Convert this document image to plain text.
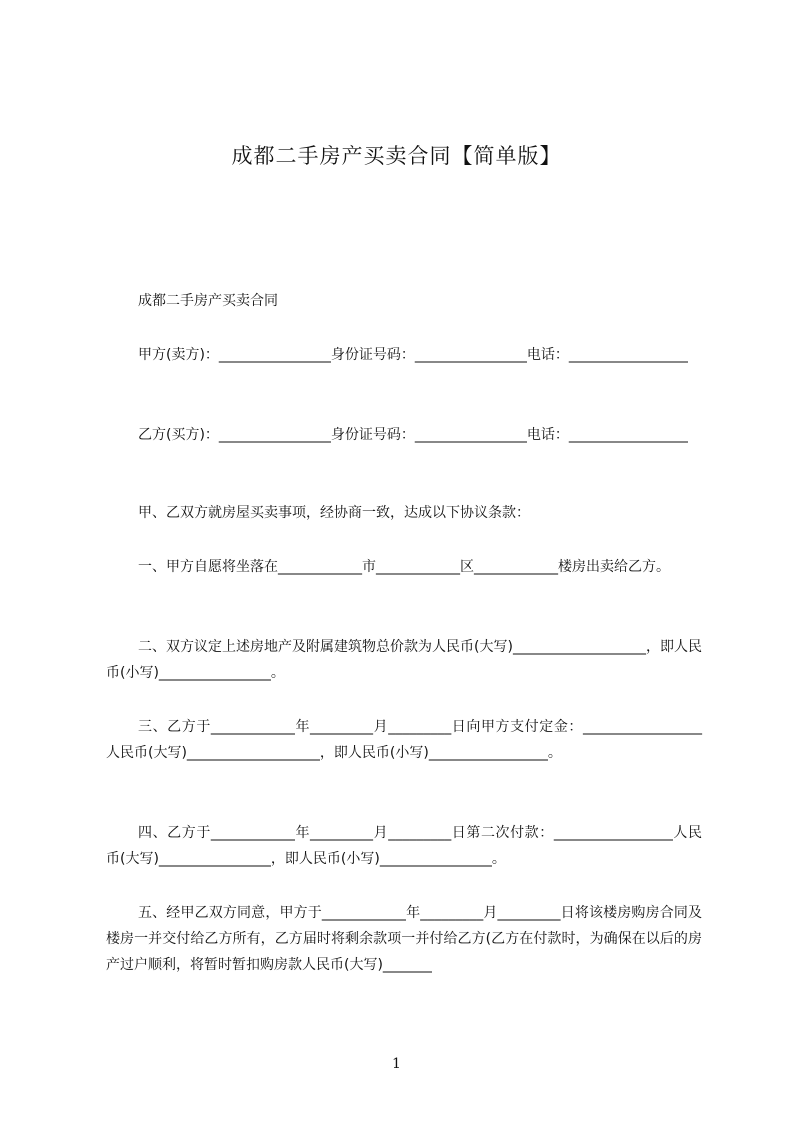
成都二手房产买卖合同【简单版】
成都二手房产买卖合同
甲方(卖方)：________________身份证号码：________________电话：_________________
乙方(买方)：________________身份证号码：________________电话：_________________
甲、乙双方就房屋买卖事项，经协商一致，达成以下协议条款：
一、甲方自愿将坐落在____________市____________区____________楼房出卖给乙方。
二、双方议定上述房地产及附属建筑物总价款为人民币(大写)___________________，即人民币(小写)________________。
三、乙方于____________年_________月_________日向甲方支付定金：_________________人民币(大写)___________________，即人民币(小写)_________________。
四、乙方于____________年_________月_________日第二次付款：_________________人民币(大写)________________，即人民币(小写)________________。
五、经甲乙双方同意，甲方于____________年_________月_________日将该楼房购房合同及楼房一并交付给乙方所有，乙方届时将剩余款项一并付给乙方(乙方在付款时，为确保在以后的房产过户顺利，将暂时暂扣购房款人民币(大写)_______
1
